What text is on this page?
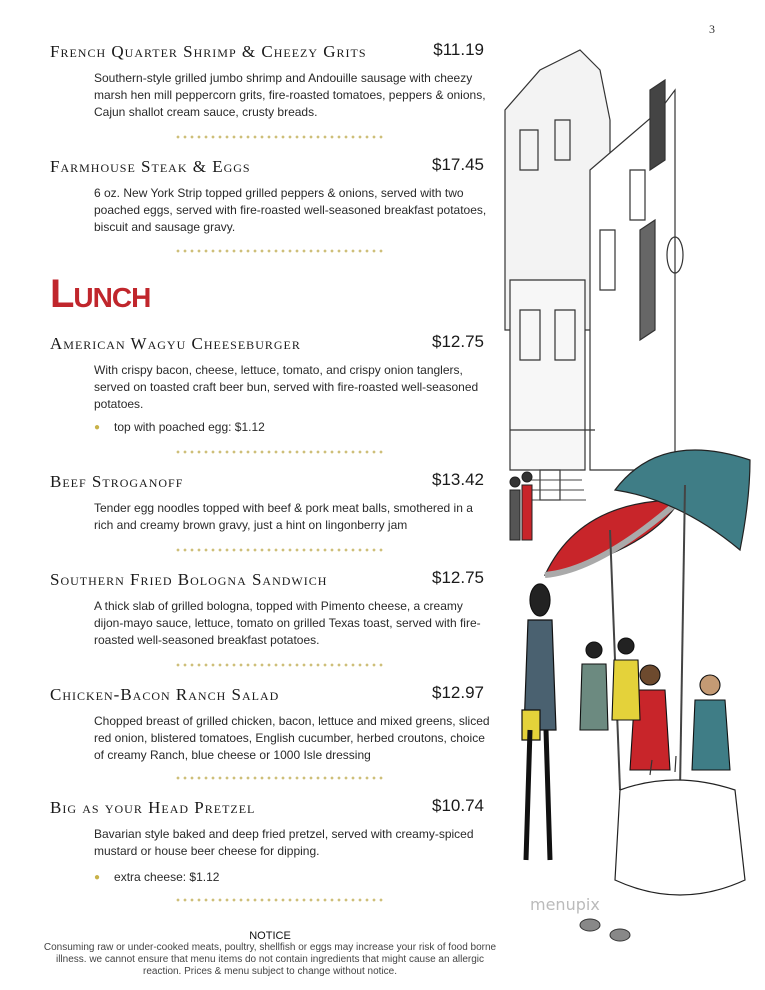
3
French Quarter Shrimp & Cheezy Grits	$11.19
Southern-style grilled jumbo shrimp and Andouille sausage with cheezy marsh hen mill peppercorn grits, fire-roasted tomatoes, peppers & onions, Cajun shallot cream sauce, crusty breads.
Farmhouse Steak & Eggs	$17.45
6 oz. New York Strip topped grilled peppers & onions, served with two poached eggs, served with fire-roasted well-seasoned breakfast potatoes, biscuit and sausage gravy.
Lunch
American Wagyu Cheeseburger	$12.75
With crispy bacon, cheese, lettuce, tomato, and crispy onion tanglers, served on toasted craft beer bun, served with fire-roasted well-seasoned potatoes.
● top with poached egg: $1.12
Beef Stroganoff	$13.42
Tender egg noodles topped with beef & pork meat balls, smothered in a rich and creamy brown gravy, just a hint on lingonberry jam
Southern Fried Bologna Sandwich	$12.75
A thick slab of grilled bologna, topped with Pimento cheese, a creamy dijon-mayo sauce, lettuce, tomato on grilled Texas toast, served with fire-roasted well-seasoned breakfast potatoes.
Chicken-Bacon Ranch Salad	$12.97
Chopped breast of grilled chicken, bacon, lettuce and mixed greens, sliced red onion, blistered tomatoes, English cucumber, herbed croutons, choice of creamy Ranch, blue cheese or 1000 Isle dressing
Big as your Head Pretzel	$10.74
Bavarian style baked and deep fried pretzel, served with creamy-spiced mustard or house beer cheese for dipping.
● extra cheese: $1.12
NOTICE
Consuming raw or under-cooked meats, poultry, shellfish or eggs may increase your risk of food borne illness. we cannot ensure that menu items do not contain ingredients that might cause an allergic reaction. Prices & menu subject to change without notice.
menupix
